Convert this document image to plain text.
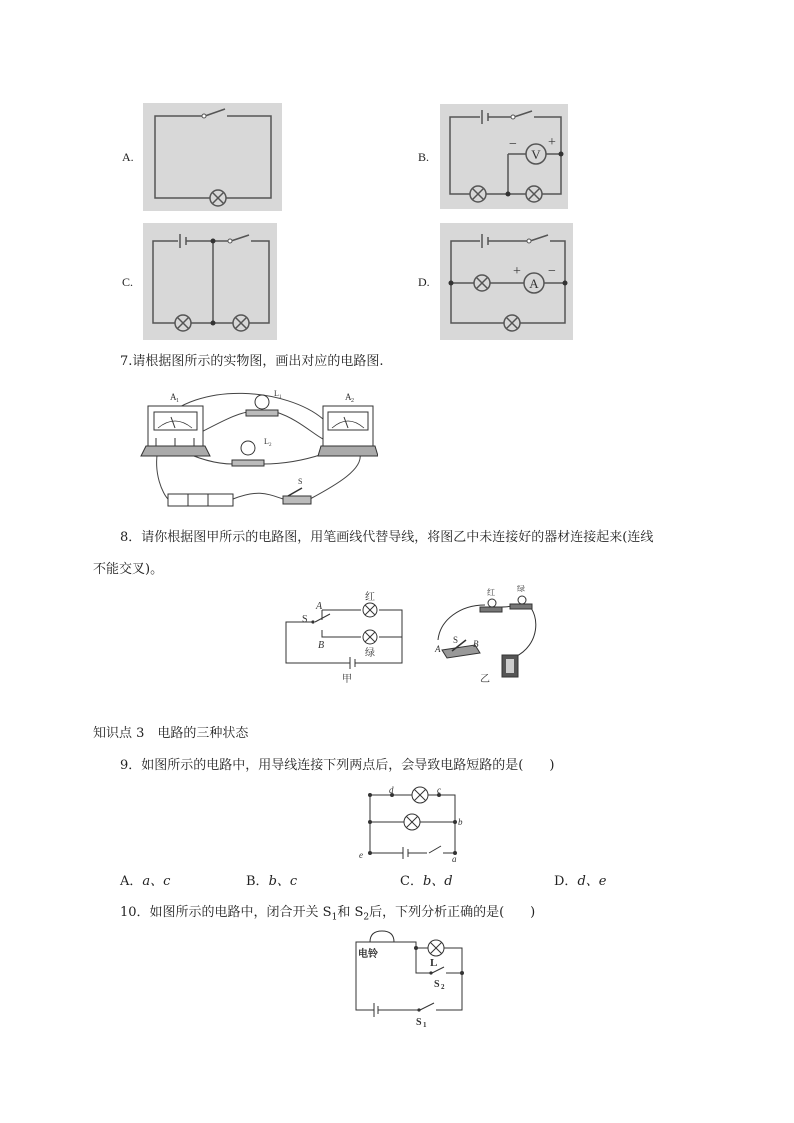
A.	B.	V
− +
C.	D.	A
+ −
7.请根据图所示的实物图，画出对应的电路图.
A 1	A 2
L 1
L 2
S
8．请你根据图甲所示的电路图，用笔画线代替导线，将图乙中未连接好的器材连接起来(连线
不能交叉)。
S
A
B
红
绿
甲
红	绿
A
S B
乙
知识点 3　电路的三种状态
9．如图所示的电路中，用导线连接下列两点后，会导致电路短路的是(　　)
d	c
b
e	a
A．a、c	B．b、c	C．b、d	D．d、e
10．如图所示的电路中，闭合开关 $S_1$和 $S_2$后，下列分析正确的是(　　)
电铃
L
S 2
S 1
